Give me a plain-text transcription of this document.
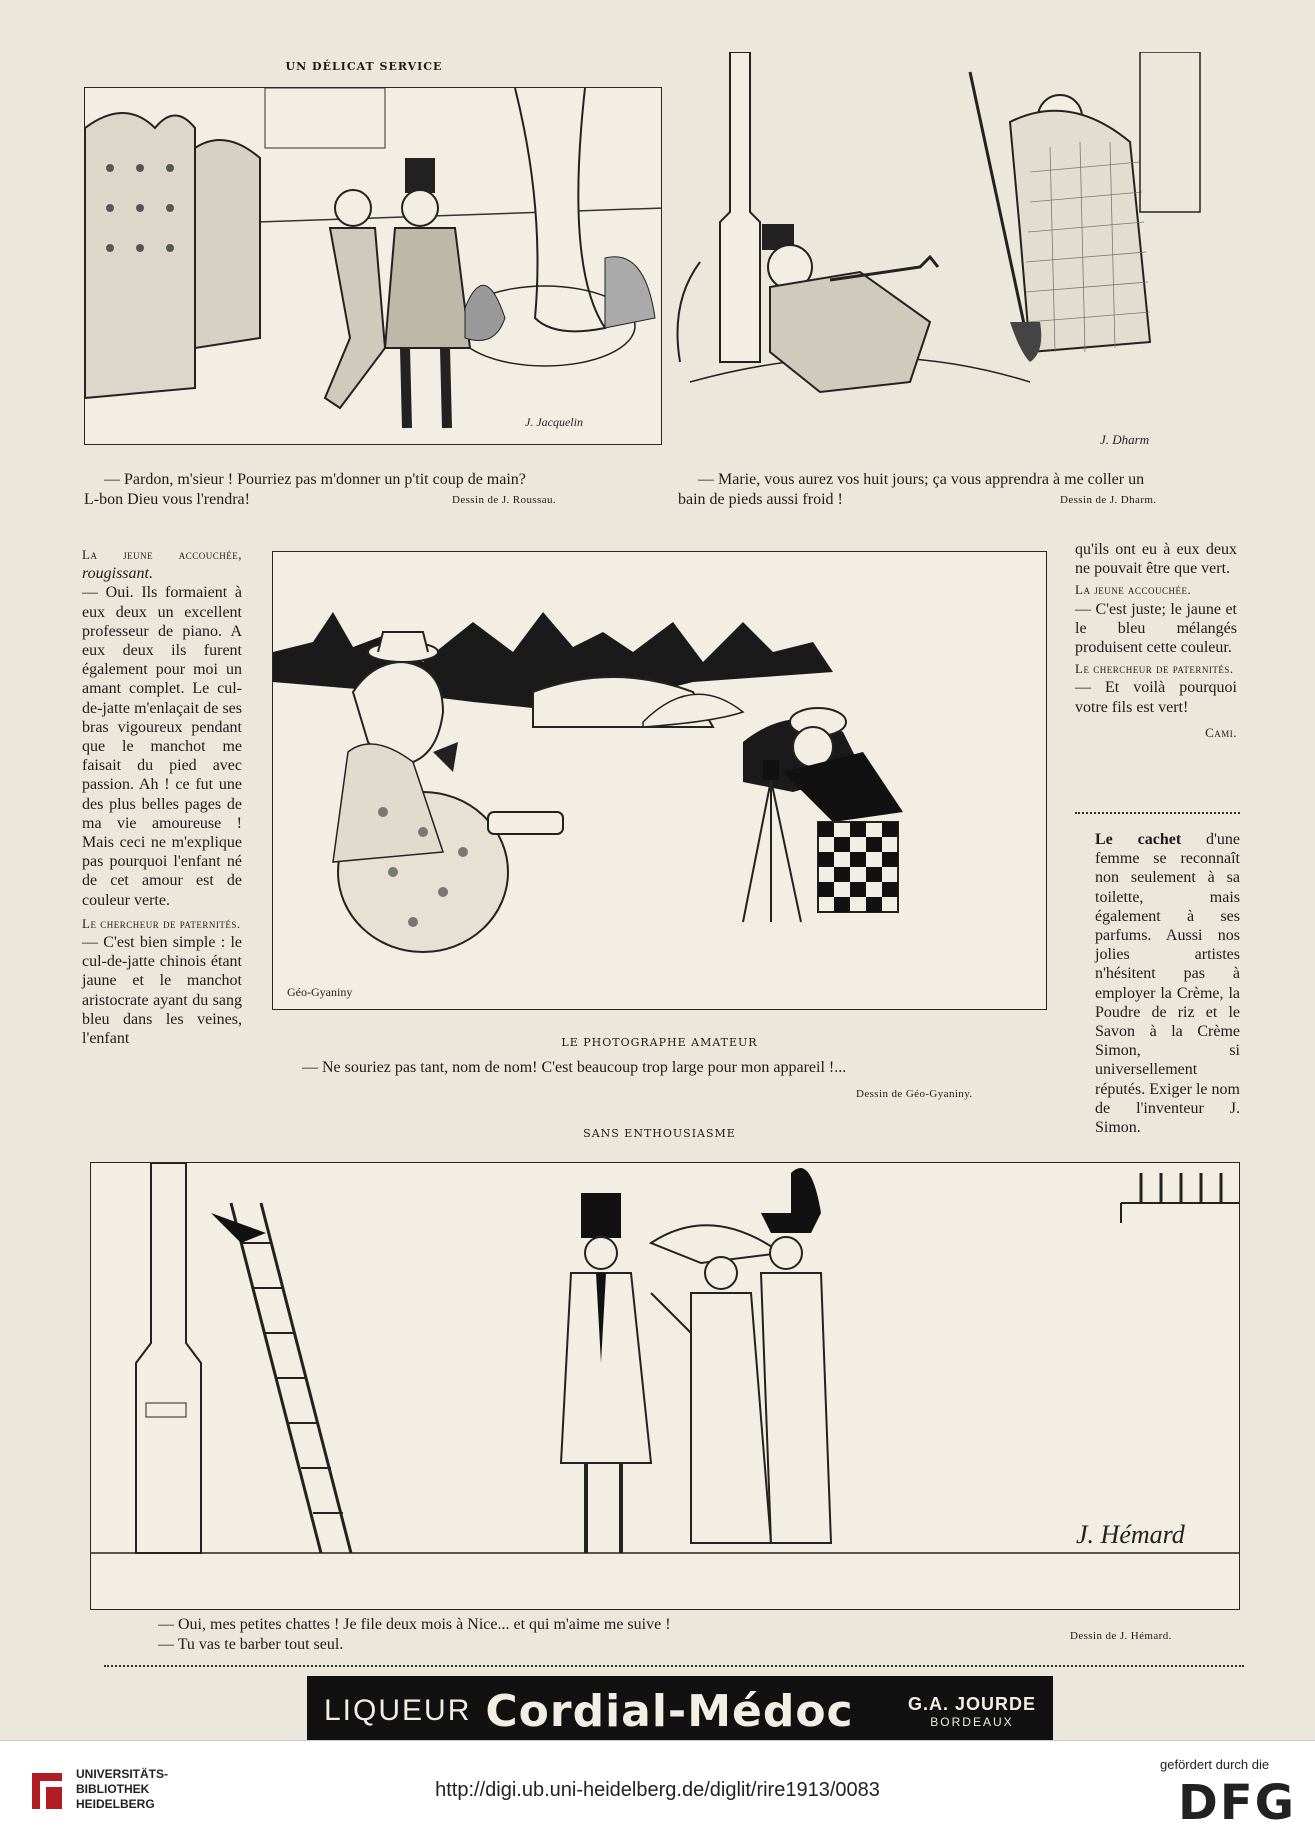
UN DÉLICAT SERVICE
J. Jacquelin
— Pardon, m'sieur ! Pourriez pas m'donner un p'tit coup de main?
L-bon Dieu vous l'rendra!	Dessin de J. Roussau.
J. Dharm
— Marie, vous aurez vos huit jours; ça vous apprendra à me coller un
bain de pieds aussi froid !	Dessin de J. Dharm.

La jeune accouchée, rougissant.

— Oui. Ils formaient à eux deux un excellent professeur de piano. A eux deux ils furent également pour moi un amant complet. Le cul-de-jatte m'enlaçait de ses bras vigoureux pendant que le manchot me faisait du pied avec passion. Ah ! ce fut une des plus belles pages de ma vie amoureuse ! Mais ceci ne m'explique pas pourquoi l'enfant né de cet amour est de couleur verte.

Le chercheur de paternités.

— C'est bien simple : le cul-de-jatte chinois étant jaune et le manchot aristocrate ayant du sang bleu dans les veines, l'enfant

Géo-Gyaniny
LE PHOTOGRAPHE AMATEUR
— Ne souriez pas tant, nom de nom! C'est beaucoup trop large pour mon appareil !...
Dessin de Géo-Gyaniny.

qu'ils ont eu à eux deux ne pouvait être que vert.

La jeune accouchée.

— C'est juste; le jaune et le bleu mélangés produisent cette couleur.

Le chercheur de paternités.

— Et voilà pourquoi votre fils est vert!

Cami.

Le cachet d'une femme se reconnaît non seulement à sa toilette, mais également à ses parfums. Aussi nos jolies artistes n'hésitent pas à employer la Crème, la Poudre de riz et le Savon à la Crème Simon, si universellement réputés. Exiger le nom de l'inventeur J. Simon.

SANS ENTHOUSIASME
J. Hémard
— Oui, mes petites chattes ! Je file deux mois à Nice... et qui m'aime me suive !
— Tu vas te barber tout seul.	Dessin de J. Hémard.
LIQUEUR Cordial-Médoc	G.A. JOURDE
BORDEAUX
UNIVERSITÄTS-
BIBLIOTHEK
HEIDELBERG
http://digi.ub.uni-heidelberg.de/diglit/rire1913/0083
gefördert durch die
DFG
